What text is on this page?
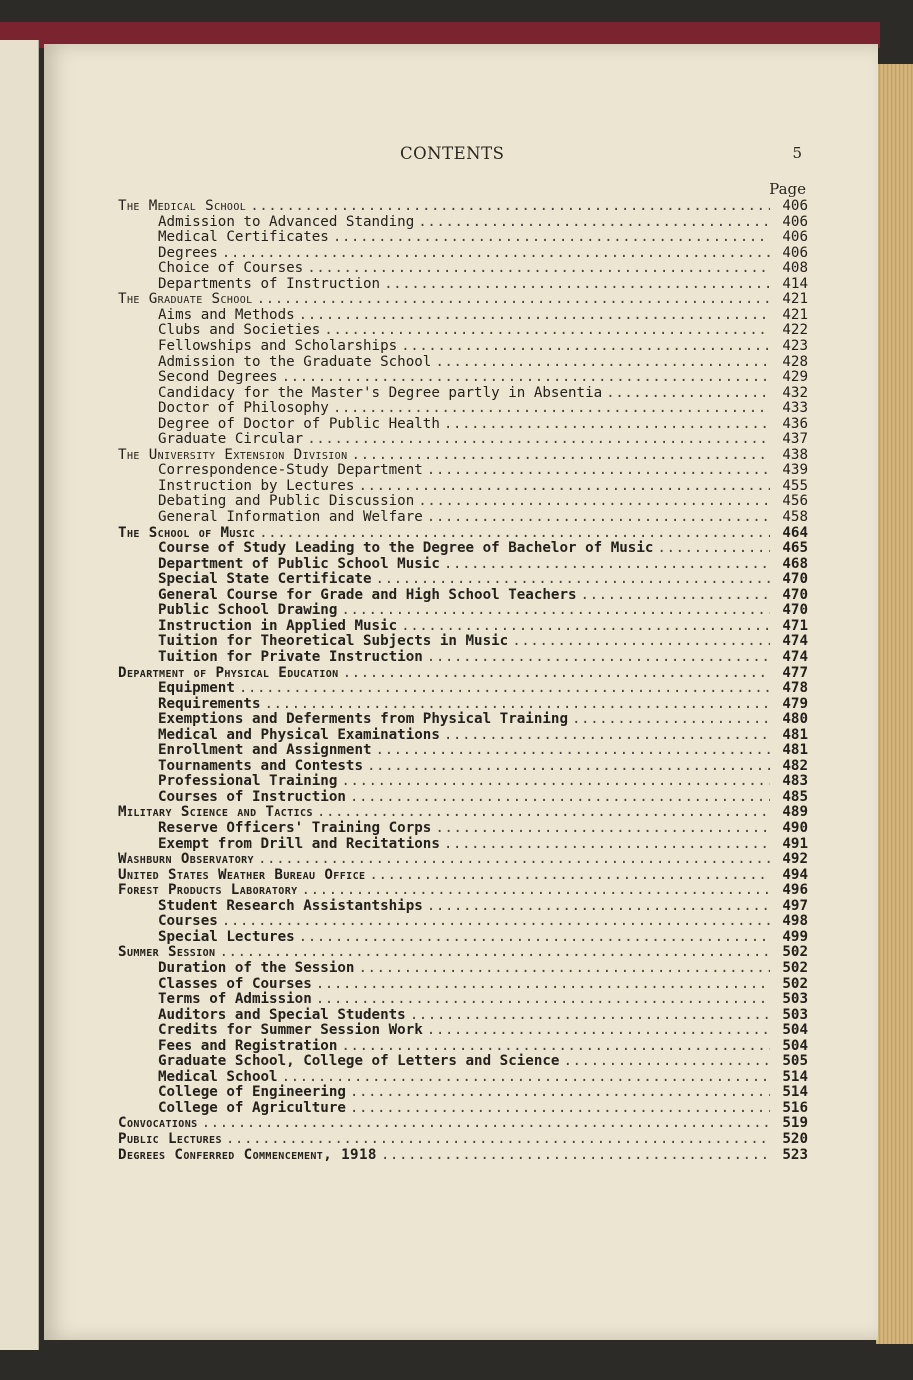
CONTENTS	5
Page
The Medical School .....	406
Admission to Advanced Standing .....	406
Medical Certificates .....	406
Degrees .....	406
Choice of Courses .....	408
Departments of Instruction .....	414
The Graduate School .....	421
Aims and Methods .....	421
Clubs and Societies .....	422
Fellowships and Scholarships .....	423
Admission to the Graduate School .....	428
Second Degrees .....	429
Candidacy for the Master's Degree partly in Absentia .....	432
Doctor of Philosophy .....	433
Degree of Doctor of Public Health .....	436
Graduate Circular .....	437
The University Extension Division .....	438
Correspondence-Study Department .....	439
Instruction by Lectures .....	455
Debating and Public Discussion .....	456
General Information and Welfare .....	458
The School of Music .....	464
Course of Study Leading to the Degree of Bachelor of Music .....	465
Department of Public School Music .....	468
Special State Certificate .....	470
General Course for Grade and High School Teachers .....	470
Public School Drawing .....	470
Instruction in Applied Music .....	471
Tuition for Theoretical Subjects in Music .....	474
Tuition for Private Instruction .....	474
Department of Physical Education .....	477
Equipment .....	478
Requirements .....	479
Exemptions and Deferments from Physical Training .....	480
Medical and Physical Examinations .....	481
Enrollment and Assignment .....	481
Tournaments and Contests .....	482
Professional Training .....	483
Courses of Instruction .....	485
Military Science and Tactics .....	489
Reserve Officers' Training Corps .....	490
Exempt from Drill and Recitations .....	491
Washburn Observatory .....	492
United States Weather Bureau Office .....	494
Forest Products Laboratory .....	496
Student Research Assistantships .....	497
Courses .....	498
Special Lectures .....	499
Summer Session .....	502
Duration of the Session .....	502
Classes of Courses .....	502
Terms of Admission .....	503
Auditors and Special Students .....	503
Credits for Summer Session Work .....	504
Fees and Registration .....	504
Graduate School, College of Letters and Science .....	505
Medical School .....	514
College of Engineering .....	514
College of Agriculture .....	516
Convocations .....	519
Public Lectures .....	520
Degrees Conferred Commencement, 1918 .....	523
